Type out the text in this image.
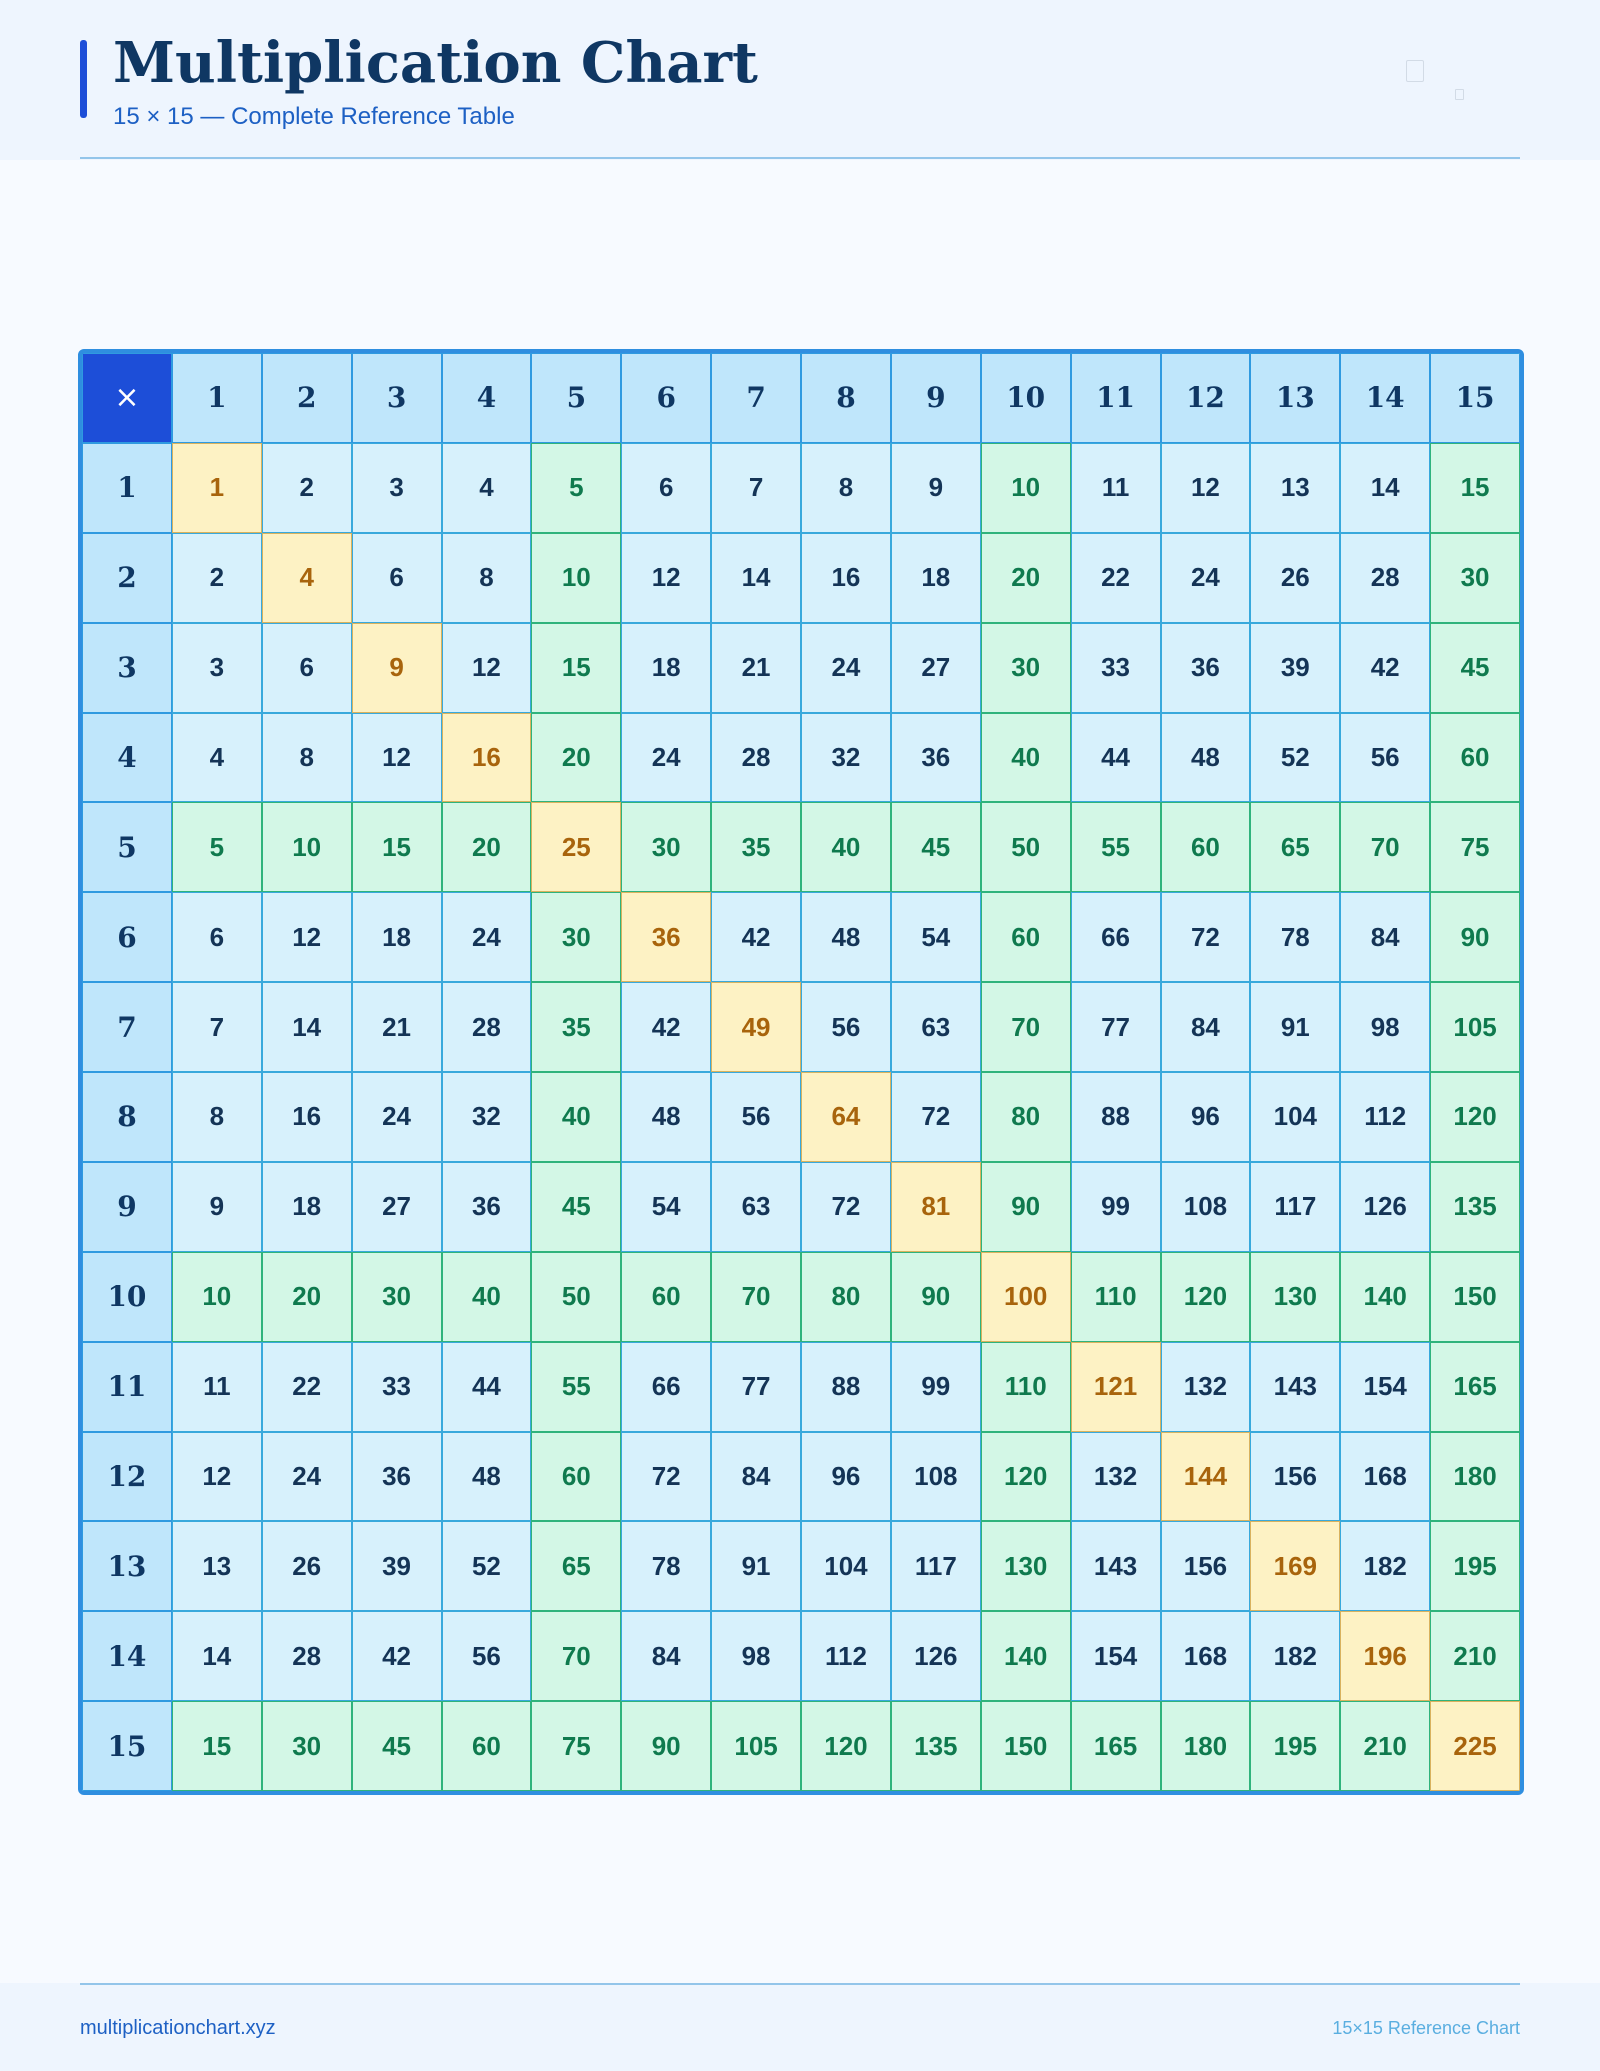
Multiplication Chart
15 × 15 — Complete Reference Table
×	1	2	3	4	5	6	7	8	9	10	11	12	13	14	15
1	1	2	3	4	5	6	7	8	9	10	11	12	13	14	15
2	2	4	6	8	10	12	14	16	18	20	22	24	26	28	30
3	3	6	9	12	15	18	21	24	27	30	33	36	39	42	45
4	4	8	12	16	20	24	28	32	36	40	44	48	52	56	60
5	5	10	15	20	25	30	35	40	45	50	55	60	65	70	75
6	6	12	18	24	30	36	42	48	54	60	66	72	78	84	90
7	7	14	21	28	35	42	49	56	63	70	77	84	91	98	105
8	8	16	24	32	40	48	56	64	72	80	88	96	104	112	120
9	9	18	27	36	45	54	63	72	81	90	99	108	117	126	135
10	10	20	30	40	50	60	70	80	90	100	110	120	130	140	150
11	11	22	33	44	55	66	77	88	99	110	121	132	143	154	165
12	12	24	36	48	60	72	84	96	108	120	132	144	156	168	180
13	13	26	39	52	65	78	91	104	117	130	143	156	169	182	195
14	14	28	42	56	70	84	98	112	126	140	154	168	182	196	210
15	15	30	45	60	75	90	105	120	135	150	165	180	195	210	225
multiplicationchart.xyz	15×15 Reference Chart
